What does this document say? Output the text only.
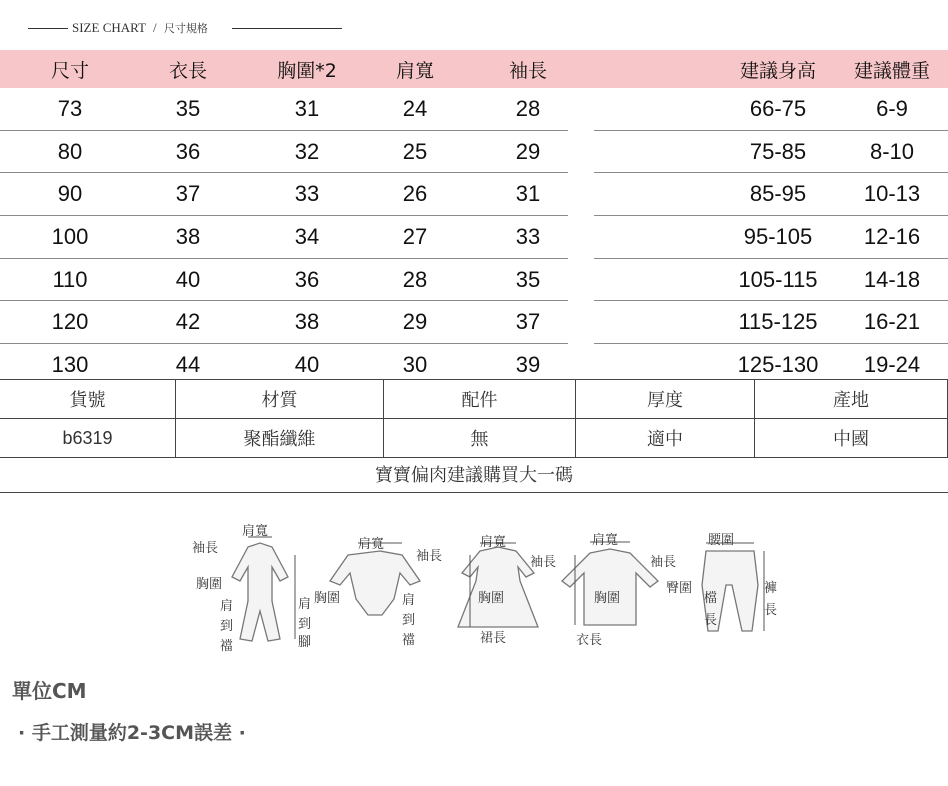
SIZE CHART / 尺寸規格
尺寸	衣長	胸圍*2	肩寬	袖長	建議身高	建議體重
73	35	31	24	28	66-75	6-9
80	36	32	25	29	75-85	8-10
90	37	33	26	31	85-95	10-13
100	38	34	27	33	95-105	12-16
110	40	36	28	35	105-115	14-18
120	42	38	29	37	115-125	16-21
130	44	40	30	39	125-130	19-24
貨號	材質	配件	厚度	產地
b6319	聚酯纖維	無	適中	中國
寶寶偏肉建議購買大一碼
肩寬
袖長
胸圍
肩
到
襠
肩
到
腳
肩寬
袖長
胸圍	肩
到
襠
肩寬
袖長
胸圍
裙長
肩寬
袖長
胸圍
衣長
腰圍
臀圍	褲
長
檔
長
單位CM
· 手工測量約2-3CM誤差 ·
